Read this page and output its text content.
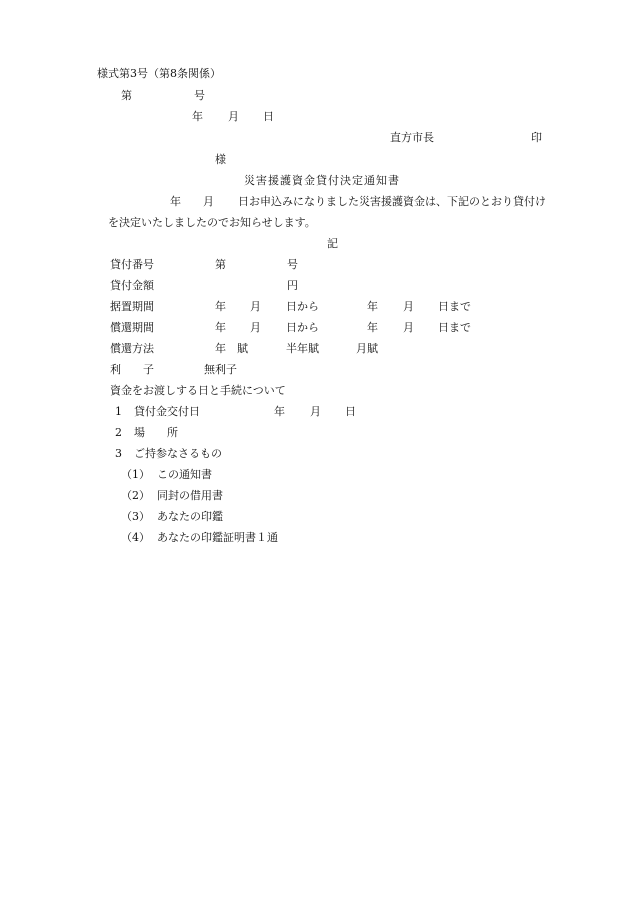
様式第3号（第8条関係）
第	号
年 月 日
直方市長	印
様
災害援護資金貸付決定通知書
年 月 日お申込みになりました災害援護資金は、下記のとおり貸付け
を決定いたしましたのでお知らせします。
記
貸付番号	第	号
貸付金額	円
据置期間	年 月 日から	年 月 日まで
償還期間	年 月 日から	年 月 日まで
償還方法	年　賦	半年賦	月賦
利　　子	無利子
資金をお渡しする日と手続について
1 貸付金交付日	年 月 日
2 場　　所
3 ご持参なさるもの
（1） この通知書
（2） 同封の借用書
（3） あなたの印鑑
（4） あなたの印鑑証明書１通
